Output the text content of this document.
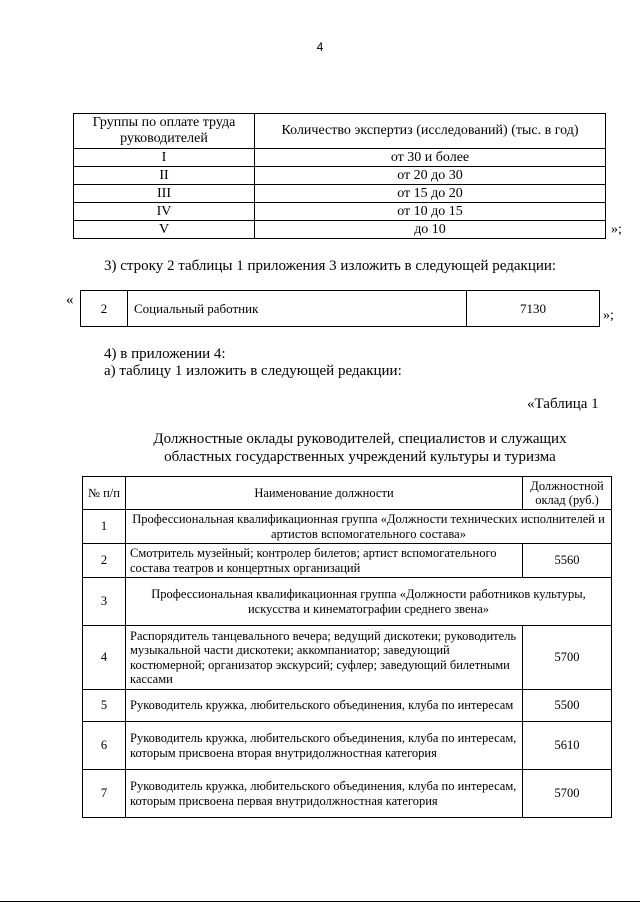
4
Группы по оплате труда руководителей	Количество экспертиз (исследований) (тыс. в год)
I	от 30 и более
II	от 20 до 30
III	от 15 до 20
IV	от 10 до 15
V	до 10	»;
3) строку 2 таблицы 1 приложения 3 изложить в следующей редакции:
« 2	Социальный работник	7130	»;
4) в приложении 4:
а) таблицу 1 изложить в следующей редакции:
«Таблица 1
Должностные оклады руководителей, специалистов и служащих
областных государственных учреждений культуры и туризма
№ п/п	Наименование должности	Должностной оклад (руб.)
1	Профессиональная квалификационная группа «Должности технических исполнителей и артистов вспомогательного состава»	
2	Смотритель музейный; контролер билетов; артист вспомогательного состава театров и концертных организаций	5560
3	Профессиональная квалификационная группа «Должности работников культуры, искусства и кинематографии среднего звена»	
4	Распорядитель танцевального вечера; ведущий дискотеки; руководитель музыкальной части дискотеки; аккомпаниатор; заведующий костюмерной; организатор экскурсий; суфлер; заведующий билетными кассами	5700
5	Руководитель кружка, любительского объединения, клуба по интересам	5500
6	Руководитель кружка, любительского объединения, клуба по интересам, которым присвоена вторая внутридолжностная категория	5610
7	Руководитель кружка, любительского объединения, клуба по интересам, которым присвоена первая внутридолжностная категория	5700
